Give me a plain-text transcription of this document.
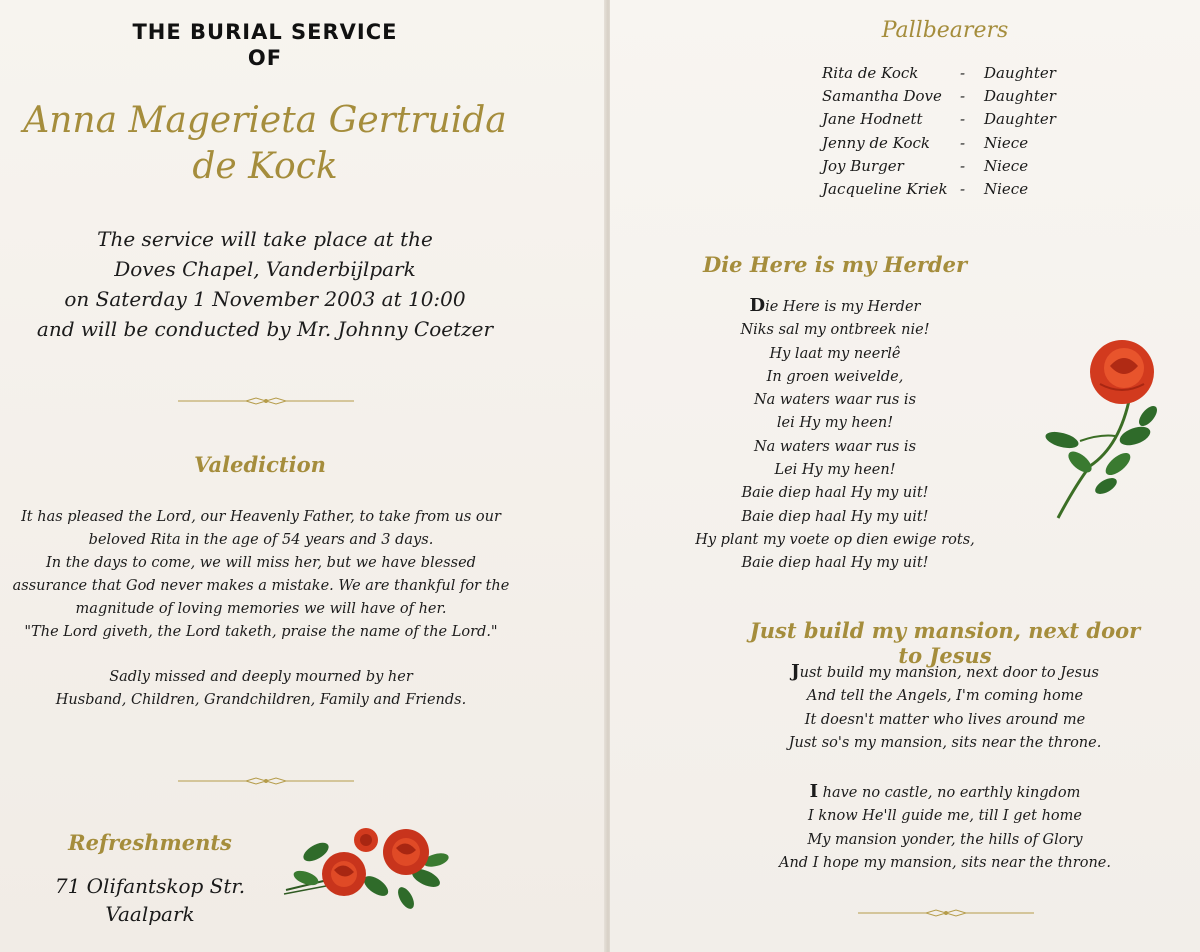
THE BURIAL SERVICE
OF
Anna Magerieta Gertruida
de Kock
The service will take place at the
Doves Chapel, Vanderbijlpark
on Saterday 1 November 2003 at 10:00
and will be conducted by Mr. Johnny Coetzer
Valediction
It has pleased the Lord, our Heavenly Father, to take from us our
beloved Rita in the age of 54 years and 3 days.
In the days to come, we will miss her, but we have blessed
assurance that God never makes a mistake. We are thankful for the
magnitude of loving memories we will have of her.
"The Lord giveth, the Lord taketh, praise the name of the Lord."
Sadly missed and deeply mourned by her
Husband, Children, Grandchildren, Family and Friends.
Refreshments
71 Olifantskop Str.
Vaalpark
Pallbearers
Rita de Kock	-	Daughter
Samantha Dove	-	Daughter
Jane Hodnett	-	Daughter
Jenny de Kock	-	Niece
Joy Burger	-	Niece
Jacqueline Kriek -	Niece
Die Here is my Herder
Die Here is my Herder
Niks sal my ontbreek nie!
Hy laat my neerlê
In groen weivelde,
Na waters waar rus is
lei Hy my heen!
Na waters waar rus is
Lei Hy my heen!
Baie diep haal Hy my uit!
Baie diep haal Hy my uit!
Hy plant my voete op dien ewige rots,
Baie diep haal Hy my uit!
Just build my mansion, next door to Jesus
Just build my mansion, next door to Jesus
And tell the Angels, I'm coming home
It doesn't matter who lives around me
Just so's my mansion, sits near the throne.
I have no castle, no earthly kingdom
I know He'll guide me, till I get home
My mansion yonder, the hills of Glory
And I hope my mansion, sits near the throne.
